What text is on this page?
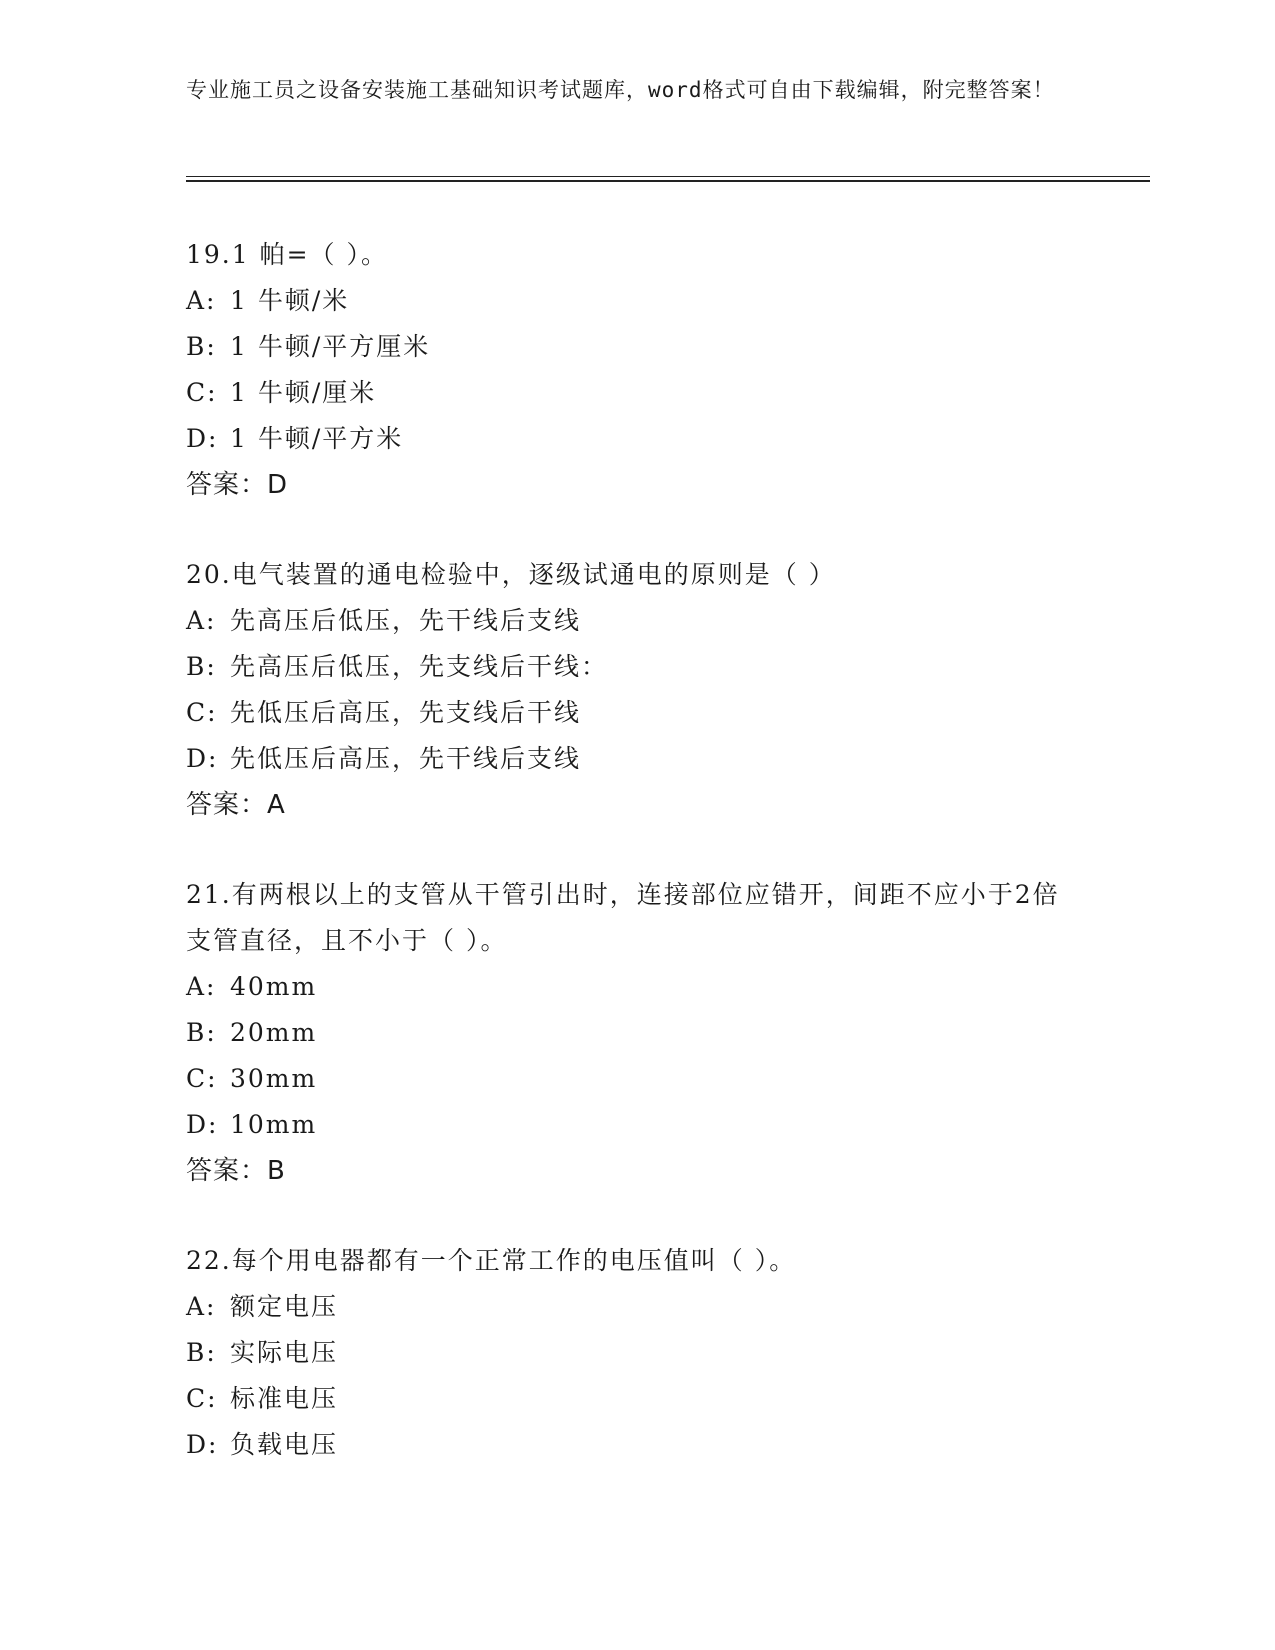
专业施工员之设备安装施工基础知识考试题库，word格式可自由下载编辑，附完整答案！
19.1 帕=（ ）。
A: 1 牛顿/米
B: 1 牛顿/平方厘米
C: 1 牛顿/厘米
D: 1 牛顿/平方米
答案：D
20.电气装置的通电检验中，逐级试通电的原则是（ ）
A: 先高压后低压，先干线后支线
B: 先高压后低压，先支线后干线：
C: 先低压后高压，先支线后干线
D: 先低压后高压，先干线后支线
答案：A
21.有两根以上的支管从干管引出时，连接部位应错开，间距不应小于2倍支管直径，且不小于（ ）。
A: 40mm
B: 20mm
C: 30mm
D: 10mm
答案：B
22.每个用电器都有一个正常工作的电压值叫（ ）。
A: 额定电压
B: 实际电压
C: 标准电压
D: 负载电压
